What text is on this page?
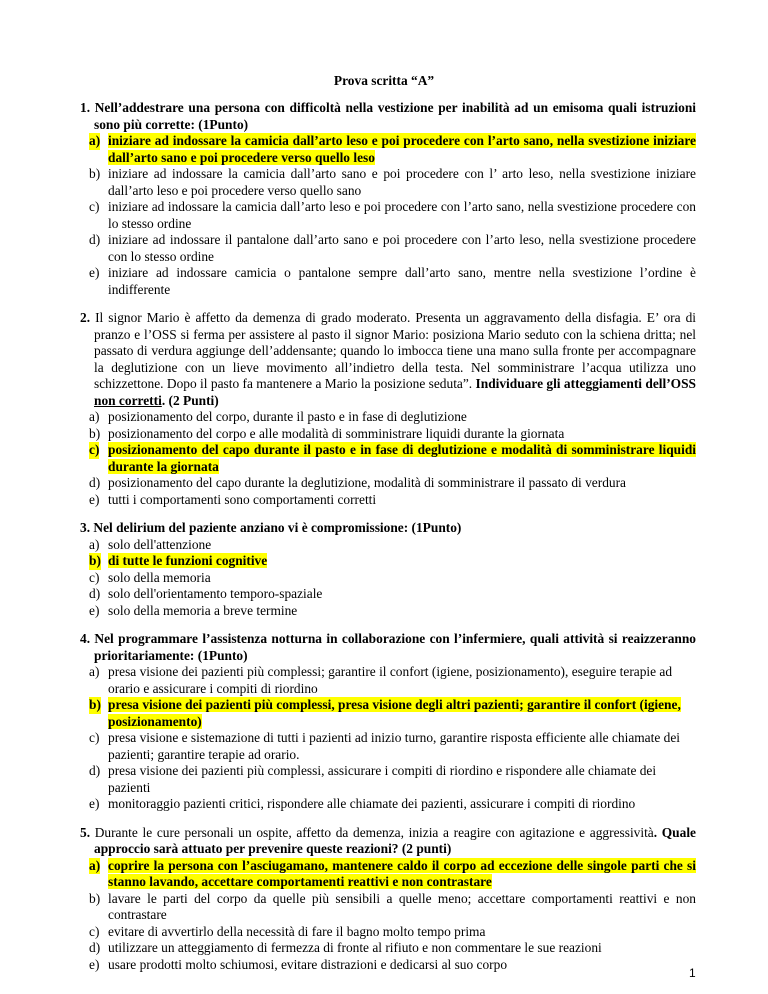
Prova scritta “A”
1. Nell’addestrare una persona con difficoltà nella vestizione per inabilità ad un emisoma quali istruzioni sono più corrette: (1Punto)
a) iniziare ad indossare la camicia dall’arto leso e poi procedere con l’arto sano, nella svestizione iniziare dall’arto sano e poi procedere verso quello leso
b) iniziare ad indossare la camicia dall’arto sano e poi procedere con l’ arto leso, nella svestizione iniziare dall’arto leso e poi procedere verso quello sano
c) iniziare ad indossare la camicia dall’arto leso e poi procedere con l’arto sano, nella svestizione procedere con lo stesso ordine
d) iniziare ad indossare il pantalone dall’arto sano e poi procedere con l’arto leso, nella svestizione procedere con lo stesso ordine
e) iniziare ad indossare camicia o pantalone sempre dall’arto sano, mentre nella svestizione l’ordine è indifferente
2. Il signor Mario è affetto da demenza di grado moderato. Presenta un aggravamento della disfagia. E’ ora di pranzo e l’OSS si ferma per assistere al pasto il signor Mario: posiziona Mario seduto con la schiena dritta; nel passato di verdura aggiunge dell’addensante; quando lo imbocca tiene una mano sulla fronte per accompagnare la deglutizione con un lieve movimento all’indietro della testa. Nel somministrare l’acqua utilizza uno schizzettone. Dopo il pasto fa mantenere a Mario la posizione seduta”. Individuare gli atteggiamenti dell’OSS non corretti. (2 Punti)
a) posizionamento del corpo, durante il pasto e in fase di deglutizione
b) posizionamento del corpo e alle modalità di somministrare liquidi durante la giornata
c) posizionamento del capo durante il pasto e in fase di deglutizione e modalità di somministrare liquidi durante la giornata
d) posizionamento del capo durante la deglutizione, modalità di somministrare il passato di verdura
e) tutti i comportamenti sono comportamenti corretti
3. Nel delirium del paziente anziano vi è compromissione: (1Punto)
a) solo dell'attenzione
b) di tutte le funzioni cognitive
c) solo della memoria
d) solo dell'orientamento temporo-spaziale
e) solo della memoria a breve termine
4. Nel programmare l’assistenza notturna in collaborazione con l’infermiere, quali attività si reaizzeranno prioritariamente: (1Punto)
a) presa visione dei pazienti più complessi; garantire il confort (igiene, posizionamento), eseguire terapie ad orario e assicurare i compiti di riordino
b) presa visione dei pazienti più complessi, presa visione degli altri pazienti; garantire il confort (igiene, posizionamento)
c) presa visione e sistemazione di tutti i pazienti ad inizio turno, garantire risposta efficiente alle chiamate dei pazienti; garantire terapie ad orario.
d) presa visione dei pazienti più complessi, assicurare i compiti di riordino e rispondere alle chiamate dei pazienti
e) monitoraggio pazienti critici, rispondere alle chiamate dei pazienti, assicurare i compiti di riordino
5. Durante le cure personali un ospite, affetto da demenza, inizia a reagire con agitazione e aggressività. Quale approccio sarà attuato per prevenire queste reazioni? (2 punti)
a) coprire la persona con l’asciugamano, mantenere caldo il corpo ad eccezione delle singole parti che si stanno lavando, accettare comportamenti reattivi e non contrastare
b) lavare le parti del corpo da quelle più sensibili a quelle meno; accettare comportamenti reattivi e non contrastare
c) evitare di avvertirlo della necessità di fare il bagno molto tempo prima
d) utilizzare un atteggiamento di fermezza di fronte al rifiuto e non commentare le sue reazioni
e) usare prodotti molto schiumosi, evitare distrazioni e dedicarsi al suo corpo
1
